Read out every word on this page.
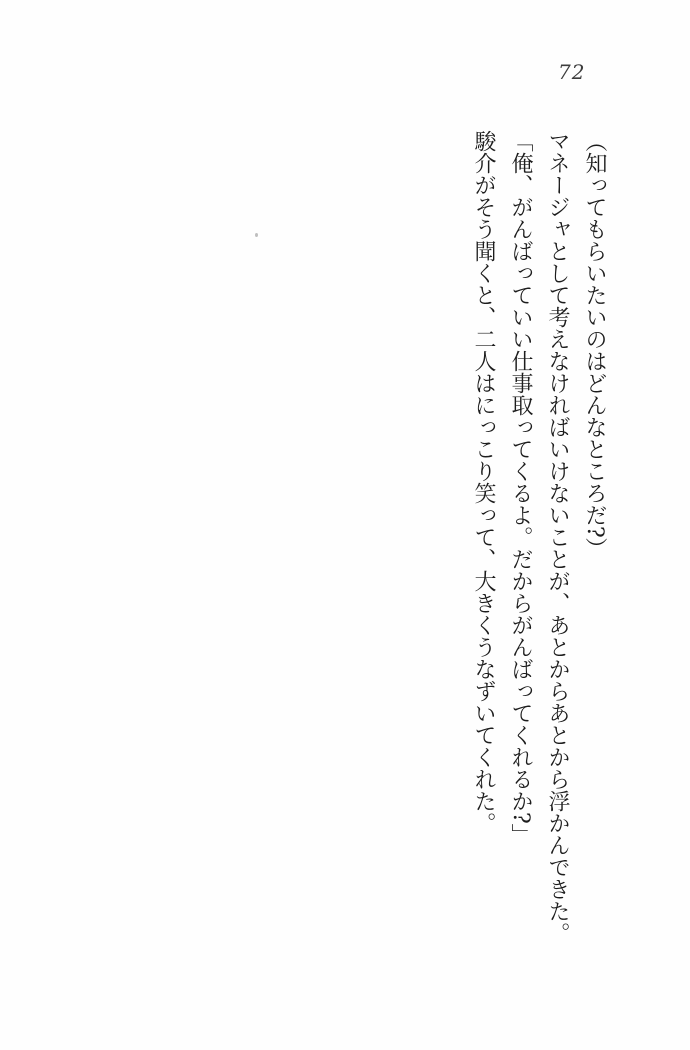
72

（知ってもらいたいのはどんなところだ?）

マネージャとして考えなければいけないことが、あとからあとから浮かんできた。

「俺、がんばっていい仕事取ってくるよ。だからがんばってくれるか?」

駿介がそう聞くと、二人はにっこり笑って、大きくうなずいてくれた。
